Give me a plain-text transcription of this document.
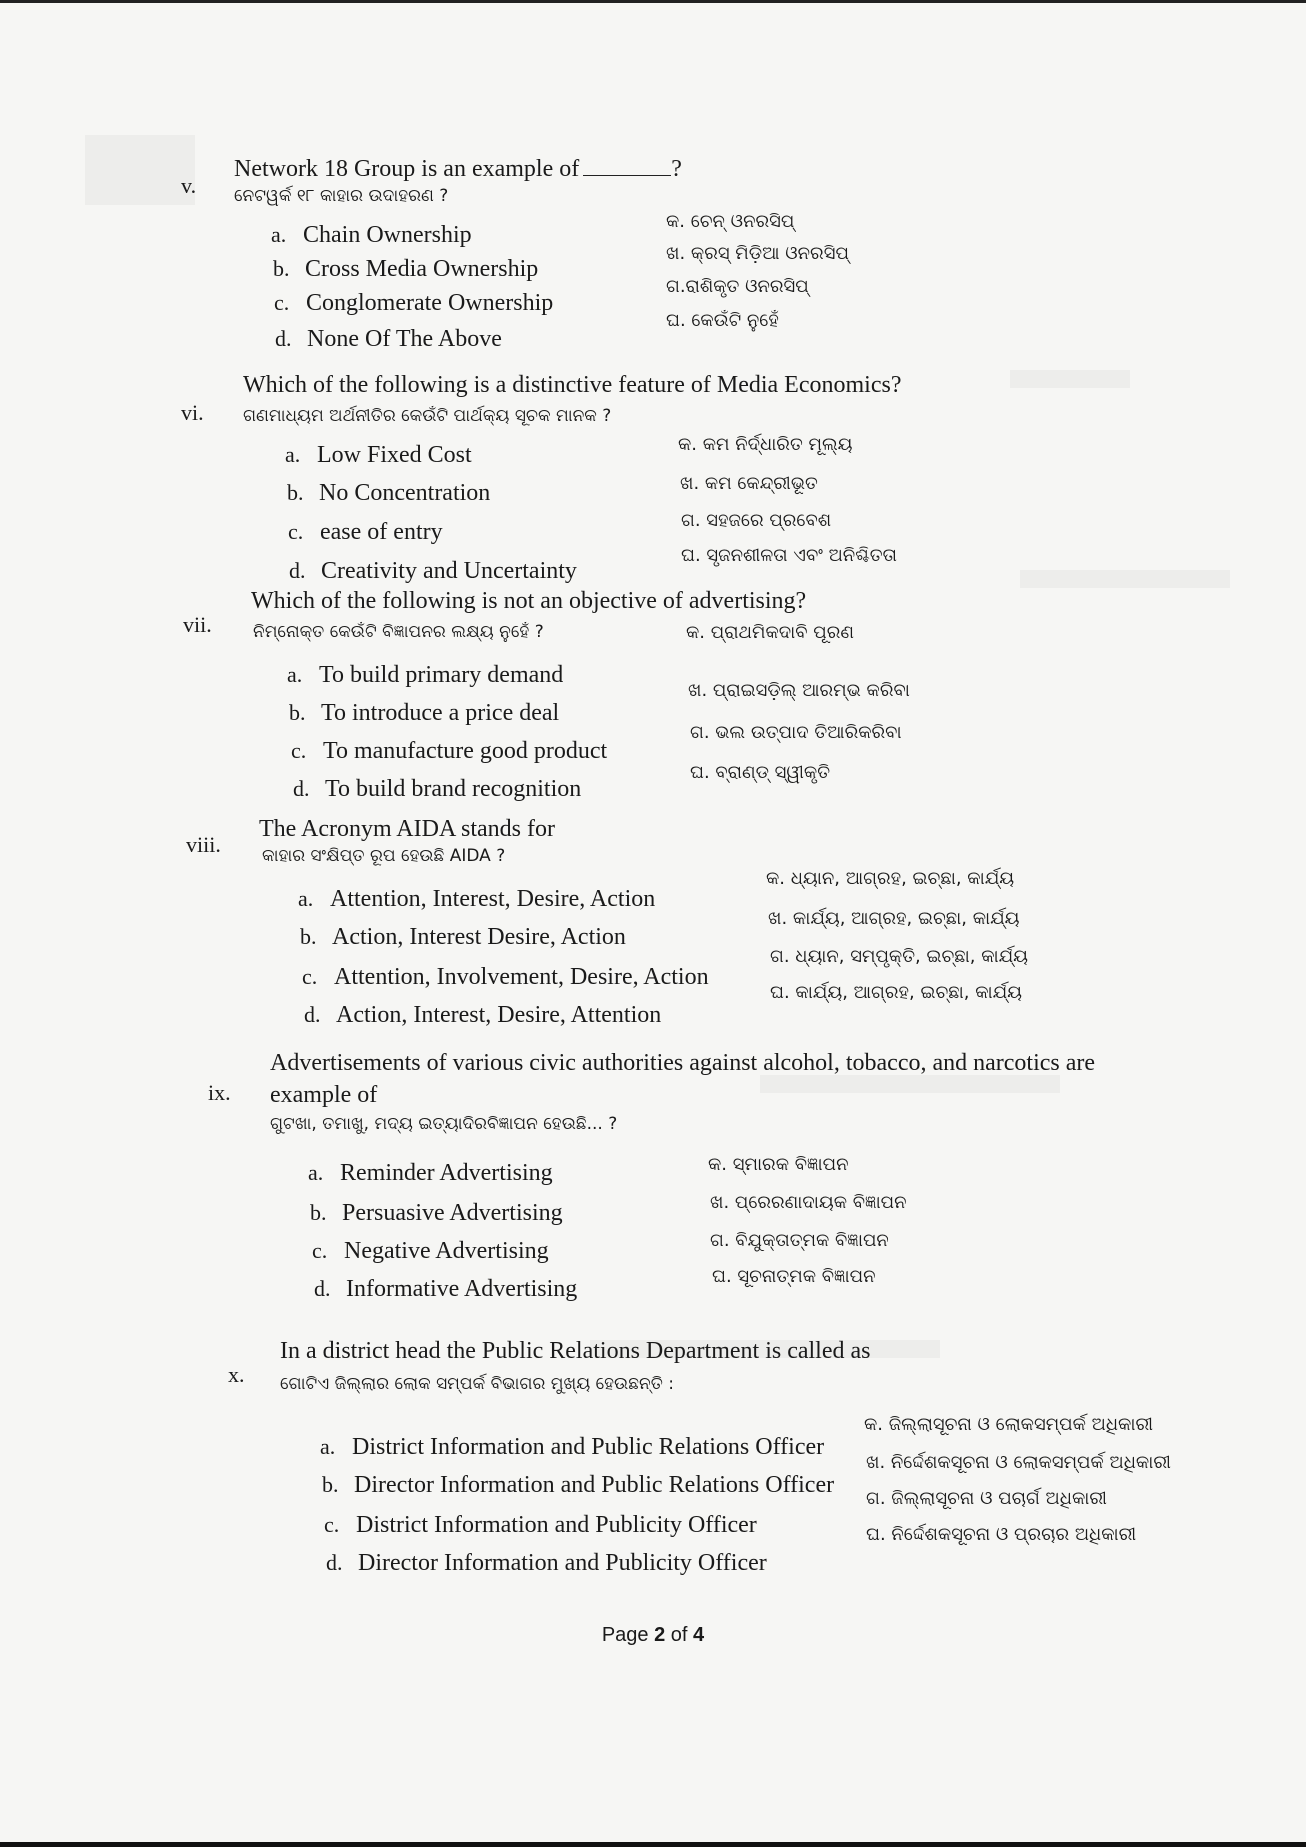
v.
Network 18 Group is an example of	?
ନେଟୱର୍କ ୧୮ କାହାର ଉଦାହରଣ ?
a. Chain Ownership
b. Cross Media Ownership
c. Conglomerate Ownership
d. None Of The Above
କ. ଚେନ୍ ଓନରସିପ୍
ଖ. କ୍ରସ୍ ମିଡ଼ିଆ ଓନରସିପ୍
ଗ.ରାଶିକୃତ ଓନରସିପ୍
ଘ. କେଉଁଟି ନୁହେଁ
vi.
Which of the following is a distinctive feature of Media Economics?
ଗଣମାଧ୍ୟମ ଅର୍ଥନୀତିର କେଉଁଟି ପାର୍ଥକ୍ୟ ସୂଚକ ମାନକ ?
a. Low Fixed Cost
b. No Concentration
c. ease of entry
d. Creativity and Uncertainty
କ. କମ ନିର୍ଦ୍ଧାରିତ ମୂଲ୍ୟ
ଖ. କମ କେନ୍ଦ୍ରୀଭୂତ
ଗ. ସହଜରେ ପ୍ରବେଶ
ଘ. ସୃଜନଶୀଳତା ଏବଂ ଅନିଶ୍ଚିତତା
vii.
Which of the following is not an objective of advertising?
ନିମ୍ନୋକ୍ତ କେଉଁଟି ବିଜ୍ଞାପନର ଲକ୍ଷ୍ୟ ନୁହେଁ ?
a. To build primary demand
b. To introduce a price deal
c. To manufacture good product
d. To build brand recognition
କ. ପ୍ରାଥମିକଦାବି ପୂରଣ
ଖ. ପ୍ରାଇସଡ଼ିଲ୍ ଆରମ୍ଭ କରିବା
ଗ. ଭଲ ଉତ୍ପାଦ ତିଆରିକରିବା
ଘ. ବ୍ରାଣ୍ଡ୍ ସ୍ୱୀକୃତି
viii.
The Acronym AIDA stands for
କାହାର ସଂକ୍ଷିପ୍ତ ରୂପ ହେଉଛି AIDA ?
a. Attention, Interest, Desire, Action
b. Action, Interest Desire, Action
c. Attention, Involvement, Desire, Action
d. Action, Interest, Desire, Attention
କ. ଧ୍ୟାନ, ଆଗ୍ରହ, ଇଚ୍ଛା, କାର୍ଯ୍ୟ
ଖ. କାର୍ଯ୍ୟ, ଆଗ୍ରହ, ଇଚ୍ଛା, କାର୍ଯ୍ୟ
ଗ. ଧ୍ୟାନ, ସମ୍ପୃକ୍ତି, ଇଚ୍ଛା, କାର୍ଯ୍ୟ
ଘ. କାର୍ଯ୍ୟ, ଆଗ୍ରହ, ଇଚ୍ଛା, କାର୍ଯ୍ୟ
ix.
Advertisements of various civic authorities against alcohol, tobacco, and narcotics are
example of
ଗୁଟଖା, ତମାଖୁ, ମଦ୍ୟ ଇତ୍ୟାଦିରବିଜ୍ଞାପନ ହେଉଛି... ?
a. Reminder Advertising
b. Persuasive Advertising
c. Negative Advertising
d. Informative Advertising
କ. ସ୍ମାରକ ବିଜ୍ଞାପନ
ଖ. ପ୍ରେରଣାଦାୟକ ବିଜ୍ଞାପନ
ଗ. ବିଯୁକ୍ତାତ୍ମକ ବିଜ୍ଞାପନ
ଘ. ସୂଚନାତ୍ମକ ବିଜ୍ଞାପନ
x.
In a district head the Public Relations Department is called as
ଗୋଟିଏ ଜିଲ୍ଲାର ଲୋକ ସମ୍ପର୍କ ବିଭାଗର ମୁଖ୍ୟ ହେଉଛନ୍ତି :
a. District Information and Public Relations Officer
b. Director Information and Public Relations Officer
c. District Information and Publicity Officer
d. Director Information and Publicity Officer
କ. ଜିଲ୍ଲାସୂଚନା ଓ ଲୋକସମ୍ପର୍କ ଅଧିକାରୀ
ଖ. ନିର୍ଦ୍ଦେଶକସୂଚନା ଓ ଲୋକସମ୍ପର୍କ ଅଧିକାରୀ
ଗ. ଜିଲ୍ଲାସୂଚନା ଓ ପଚାର୍ଗ ଅଧିକାରୀ
ଘ. ନିର୍ଦ୍ଦେଶକସୂଚନା ଓ ପ୍ରଚାର ଅଧିକାରୀ
Page 2 of 4
